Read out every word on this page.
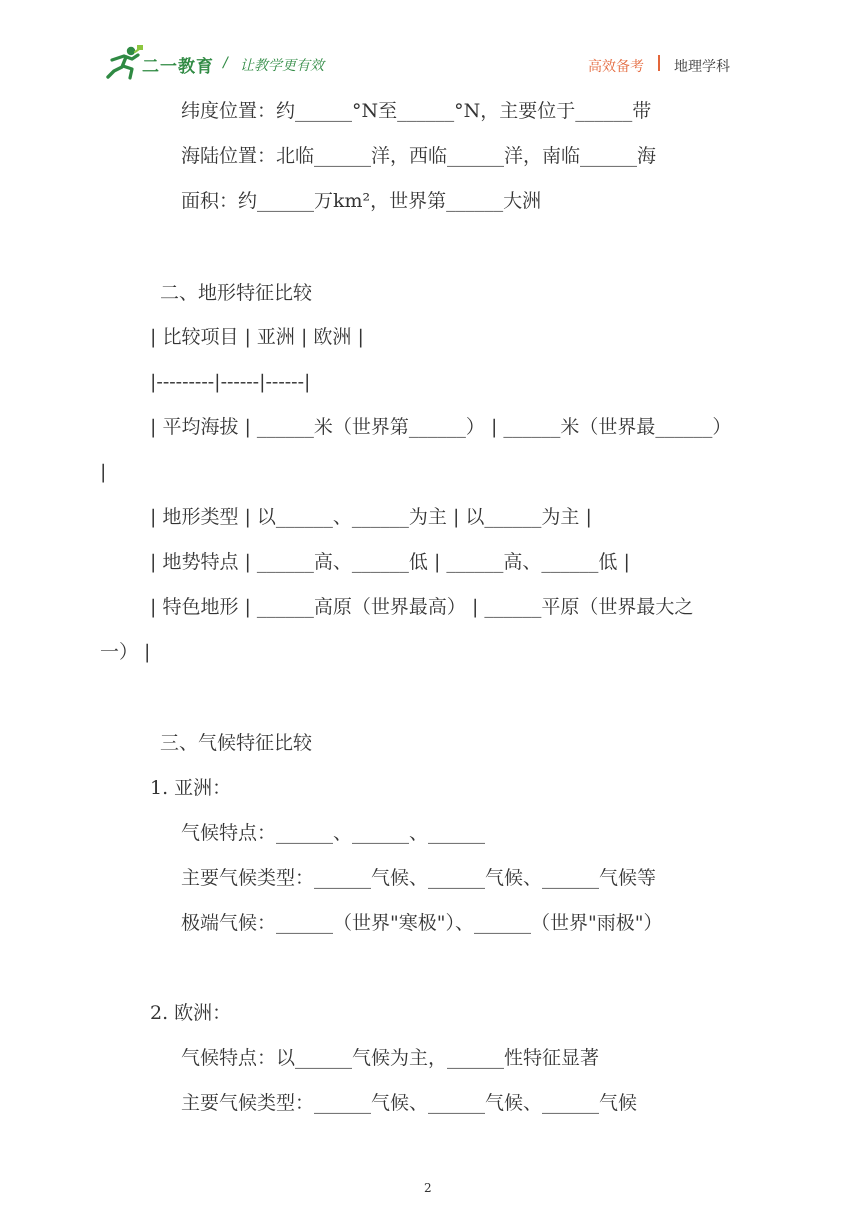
二一教育 / 让教学更有效	高效备考 地理学科
纬度位置：约______°N至______°N，主要位于______带
海陆位置：北临______洋，西临______洋，南临______海
面积：约______万km²，世界第______大洲
二、地形特征比较
| 比较项目 | 亚洲 | 欧洲 |
|---------|------|------|
| 平均海拔 | ______米（世界第______） | ______米（世界最______）
|
| 地形类型 | 以______、______为主 | 以______为主 |
| 地势特点 | ______高、______低 | ______高、______低 |
| 特色地形 | ______高原（世界最高） | ______平原（世界最大之
一） |
三、气候特征比较
1. 亚洲：
气候特点：______、______、______
主要气候类型：______气候、______气候、______气候等
极端气候：______（世界"寒极"）、______（世界"雨极"）
2. 欧洲：
气候特点：以______气候为主，______性特征显著
主要气候类型：______气候、______气候、______气候
2
